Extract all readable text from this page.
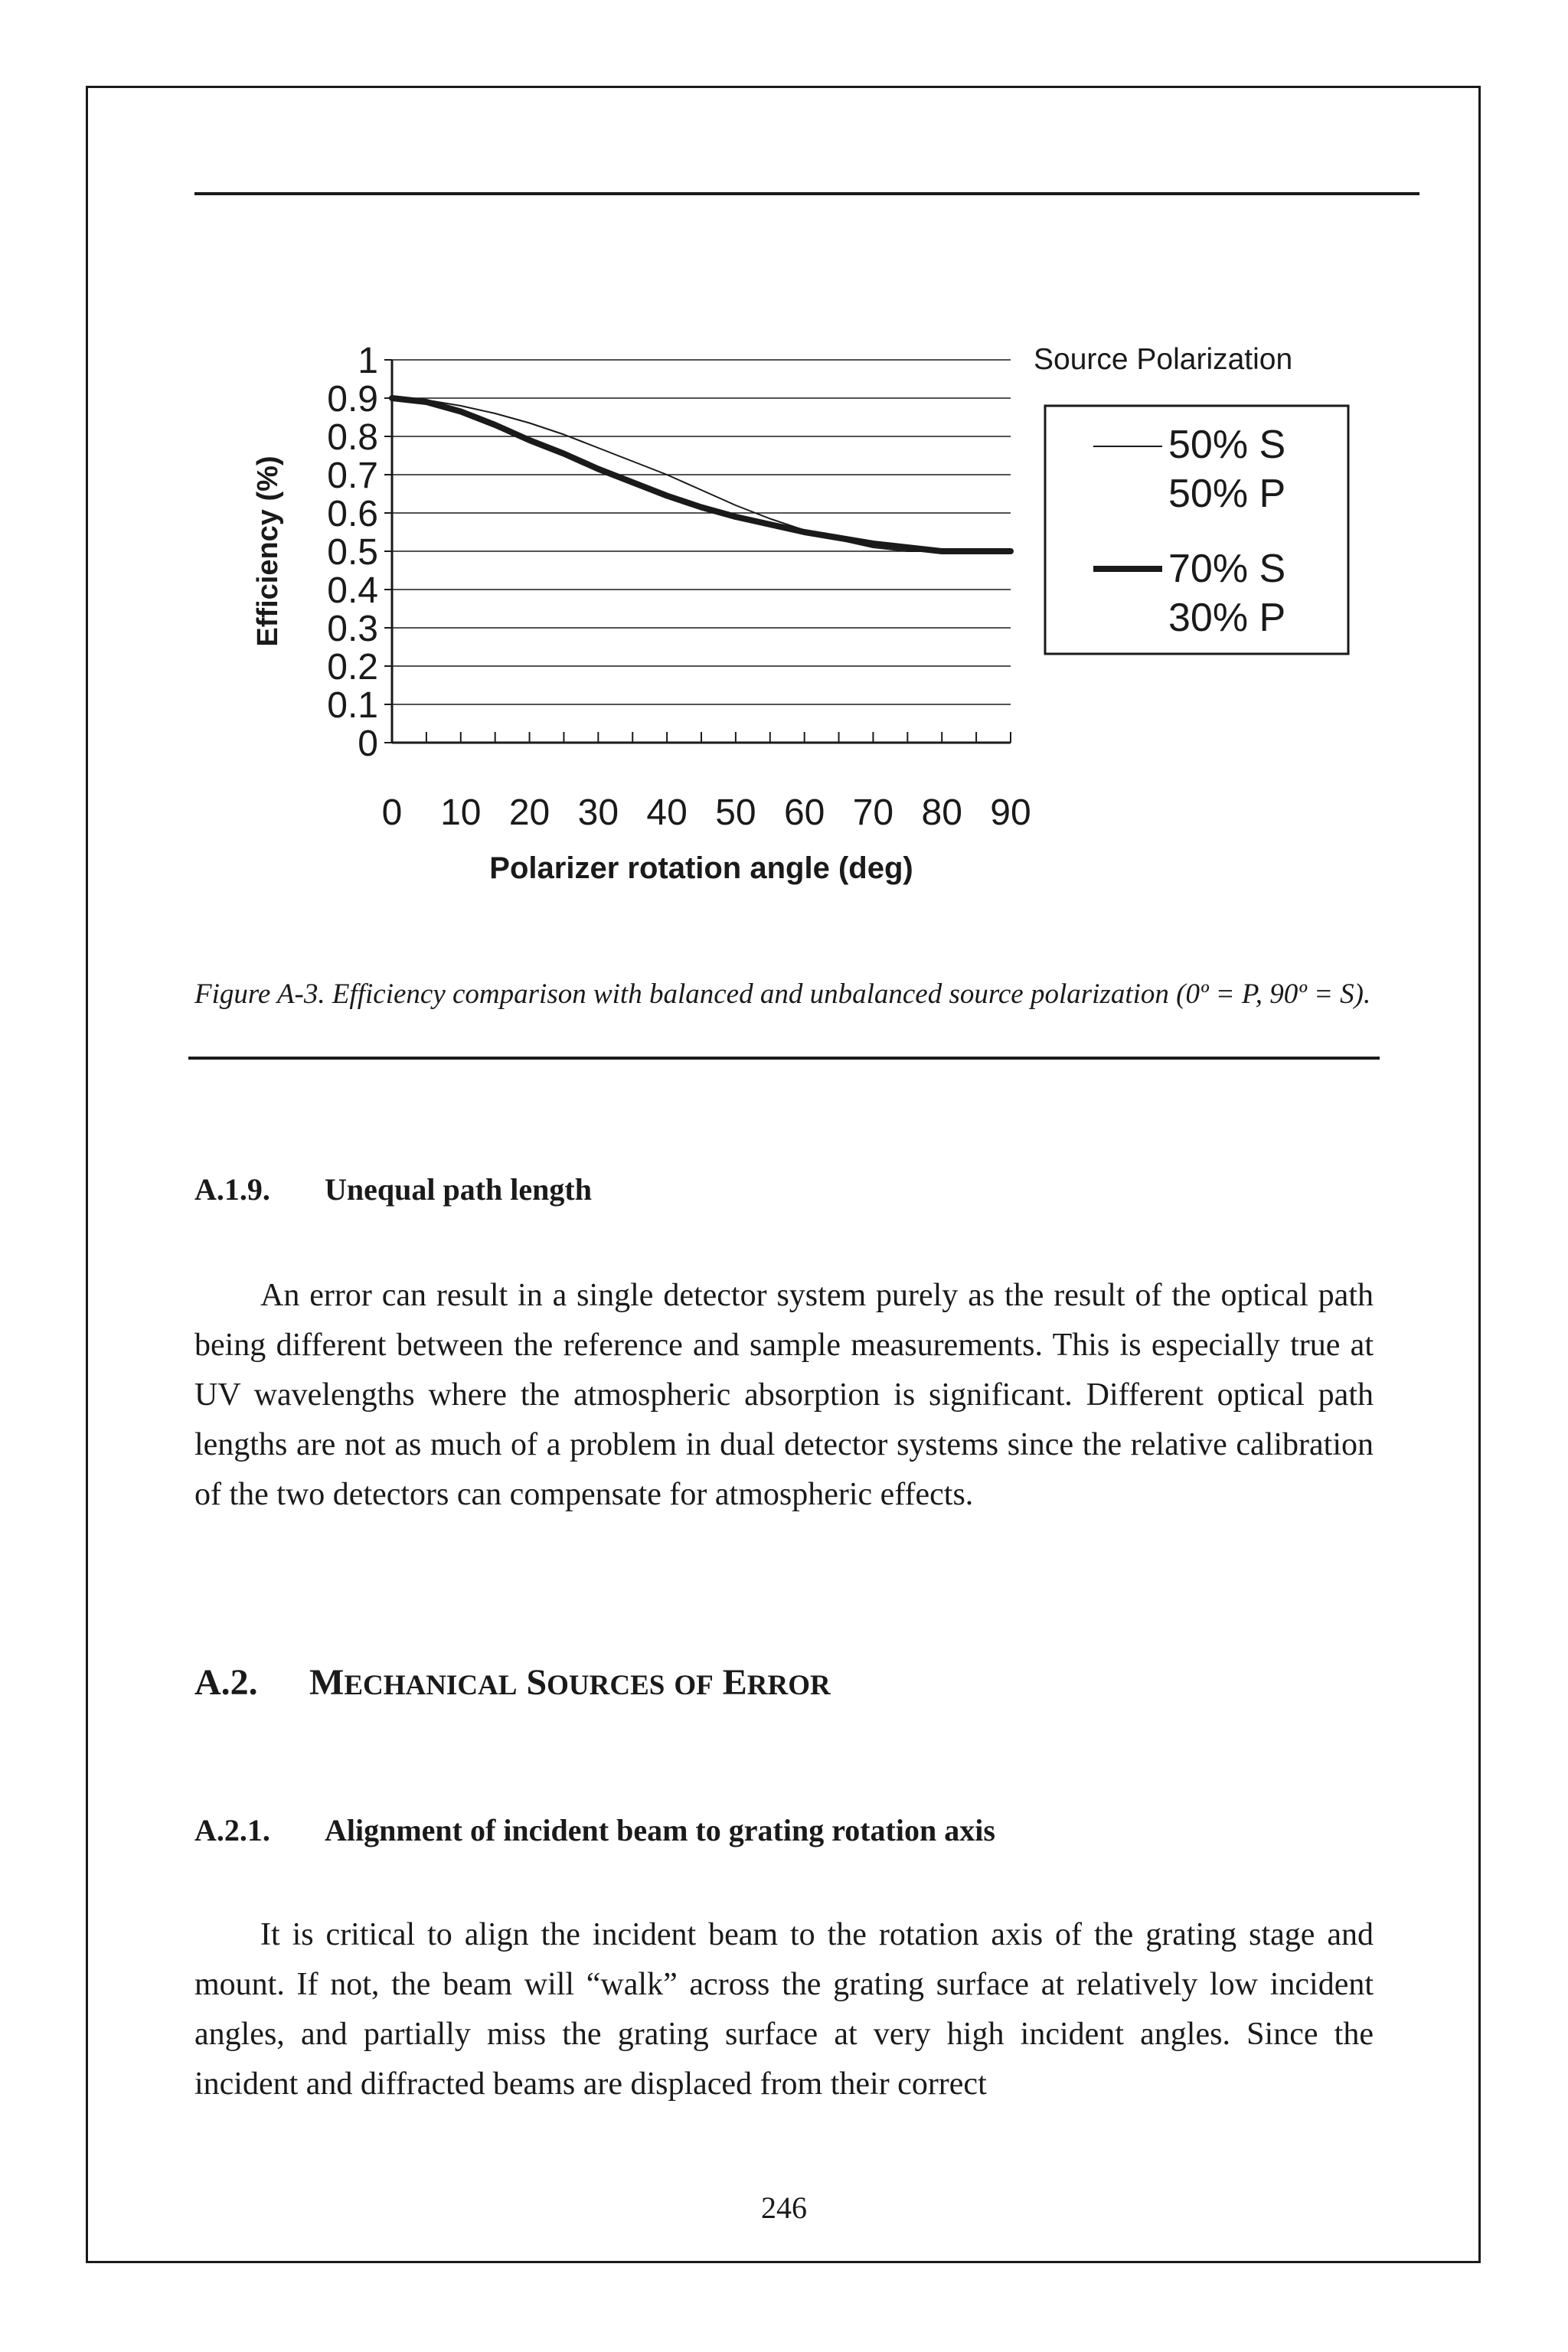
0
0.1
0.2
0.3
0.4
0.5
0.6
0.7
0.8
0.9
1
0 10 20 30 40 50 60 70 80 90
Efficiency (%)
Polarizer rotation angle (deg)
Source Polarization
50% S
50% P
70% S
30% P
Figure A-3. Efficiency comparison with balanced and unbalanced source polarization (0º = P, 90º = S).
A.1.9. Unequal path length

An error can result in a single detector system purely as the result of the optical path being different between the reference and sample measurements. This is especially true at UV wavelengths where the atmospheric absorption is significant. Different optical path lengths are not as much of a problem in dual detector systems since the relative calibration of the two detectors can compensate for atmospheric effects.

A.2. MECHANICAL SOURCES OF ERROR
A.2.1. Alignment of incident beam to grating rotation axis

It is critical to align the incident beam to the rotation axis of the grating stage and mount. If not, the beam will “walk” across the grating surface at relatively low incident angles, and partially miss the grating surface at very high incident angles. Since the incident and diffracted beams are displaced from their correct

246
